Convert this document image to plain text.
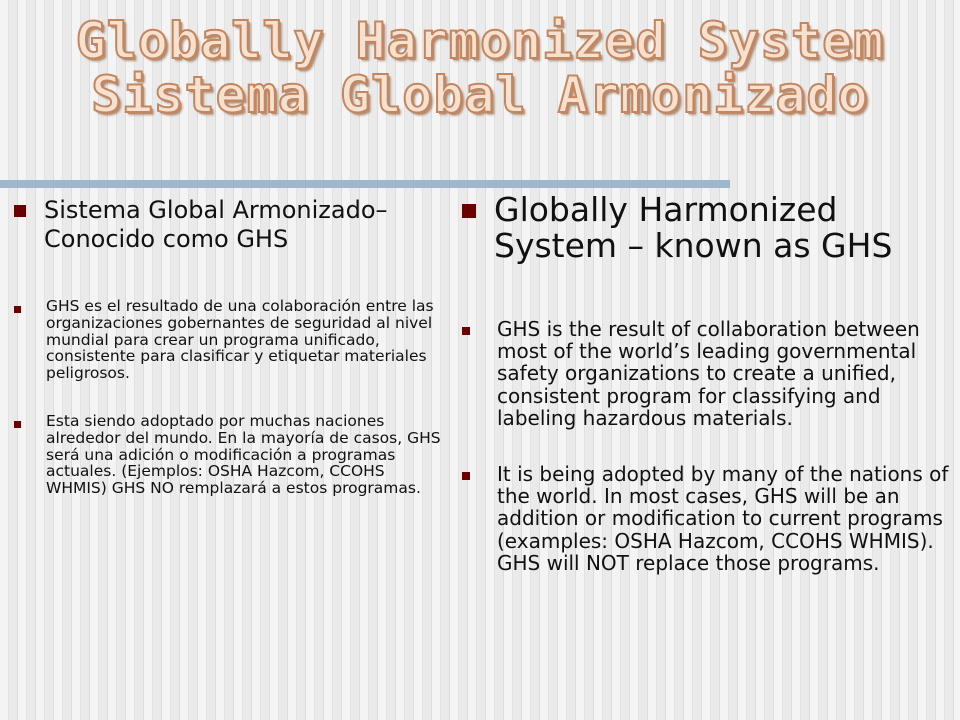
Globally Harmonized System
Sistema Global Armonizado
Sistema Global Armonizado– Conocido como GHS
GHS es el resultado de una colaboración entre las organizaciones gobernantes de seguridad al nivel mundial para crear un programa unificado, consistente para clasificar y etiquetar materiales peligrosos.
Esta siendo adoptado por muchas naciones alrededor del mundo. En la mayoría de casos, GHS será una adición o modificación a programas actuales. (Ejemplos: OSHA Hazcom, CCOHS WHMIS) GHS NO remplazará a estos programas.
Globally Harmonized System – known as GHS
GHS is the result of collaboration between most of the world’s leading governmental safety organizations to create a unified, consistent program for classifying and labeling hazardous materials.
It is being adopted by many of the nations of the world. In most cases, GHS will be an addition or modification to current programs (examples: OSHA Hazcom, CCOHS WHMIS). GHS will NOT replace those programs.
